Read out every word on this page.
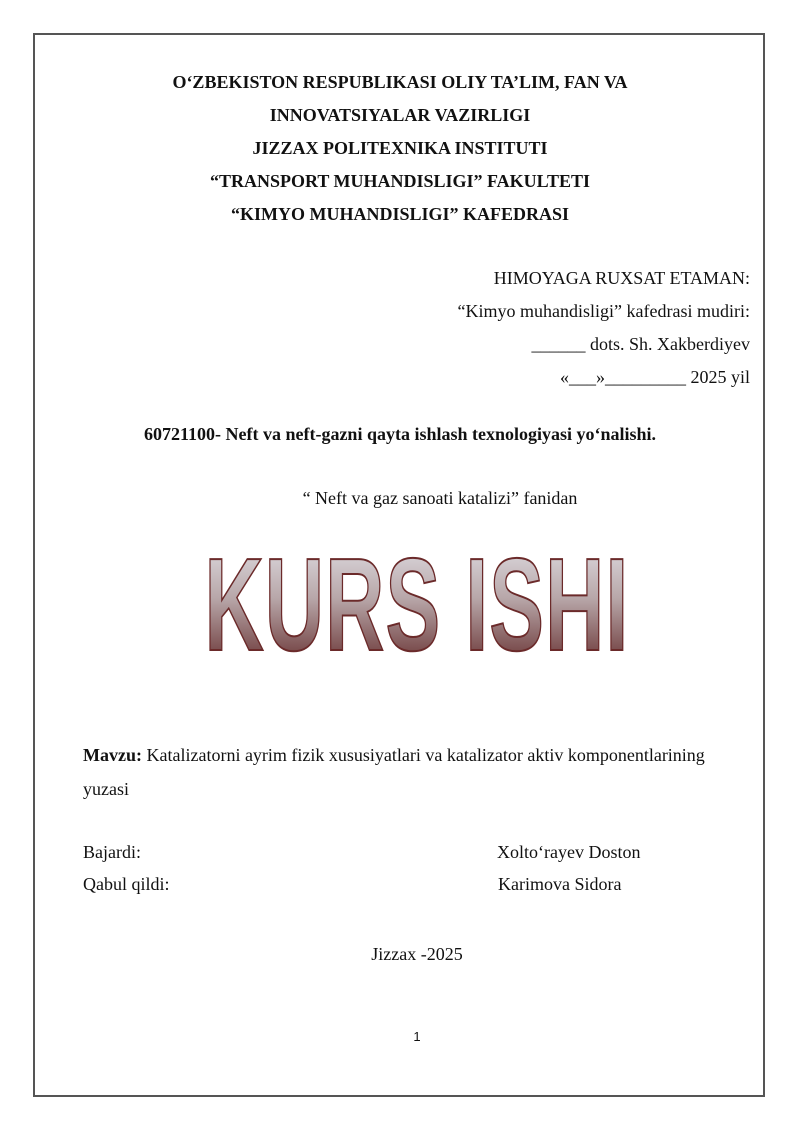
O‘ZBEKISTON RESPUBLIKASI OLIY TA’LIM, FAN VA
INNOVATSIYALAR VAZIRLIGI
JIZZAX POLITEXNIKA INSTITUTI
“TRANSPORT MUHANDISLIGI” FAKULTETI
“KIMYO MUHANDISLIGI” KAFEDRASI
HIMOYAGA RUXSAT ETAMAN:
“Kimyo muhandisligi” kafedrasi mudiri:
______ dots. Sh. Xakberdiyev
«___»_________ 2025 yil
60721100- Neft va neft-gazni qayta ishlash texnologiyasi yo‘nalishi.
“ Neft va gaz sanoati katalizi” fanidan
KURS ISHI
Mavzu: Katalizatorni ayrim fizik xususiyatlari va katalizator aktiv komponentlarining yuzasi
Bajardi:	Xolto‘rayev Doston
Qabul qildi:	Karimova Sidora
Jizzax -2025
1
